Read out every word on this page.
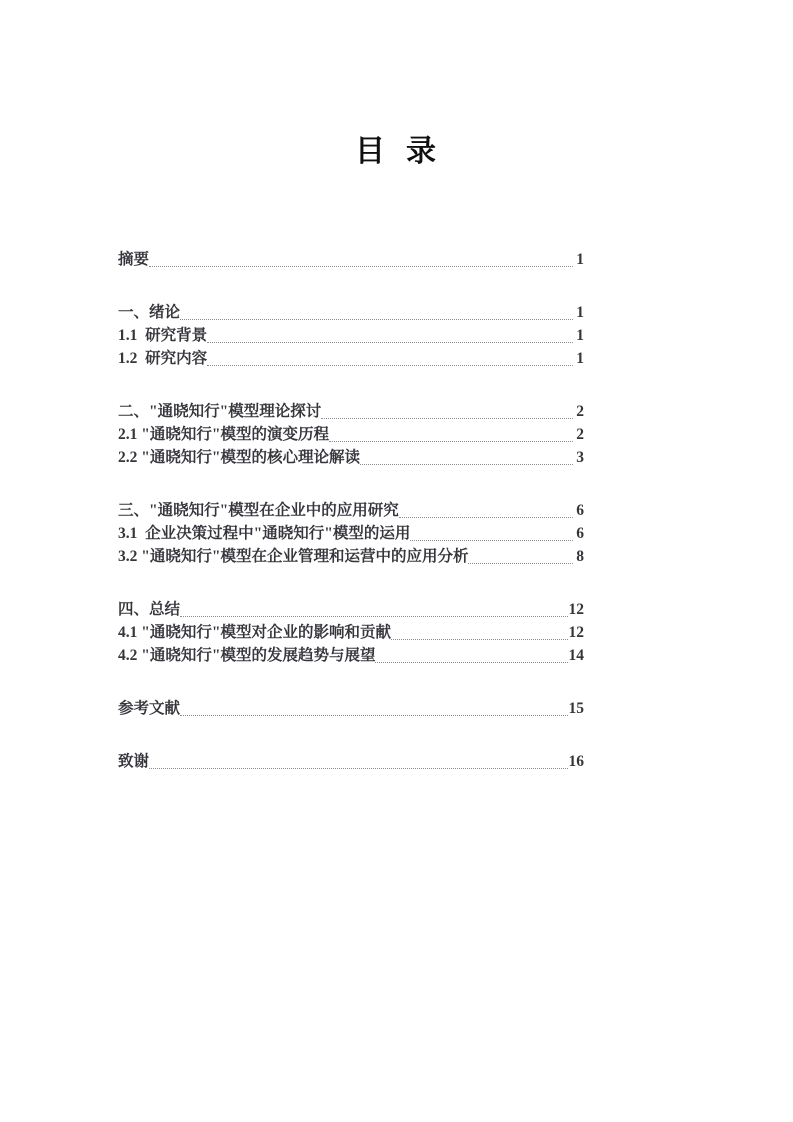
目  录
摘要	1
一、绪论	1
1.1  研究背景	1
1.2  研究内容	1
二、"通晓知行"模型理论探讨	2
2.1 "通晓知行"模型的演变历程	2
2.2 "通晓知行"模型的核心理论解读	3
三、"通晓知行"模型在企业中的应用研究	6
3.1  企业决策过程中"通晓知行"模型的运用	6
3.2 "通晓知行"模型在企业管理和运营中的应用分析	8
四、总结	12
4.1 "通晓知行"模型对企业的影响和贡献	12
4.2 "通晓知行"模型的发展趋势与展望	14
参考文献	15
致谢	16
